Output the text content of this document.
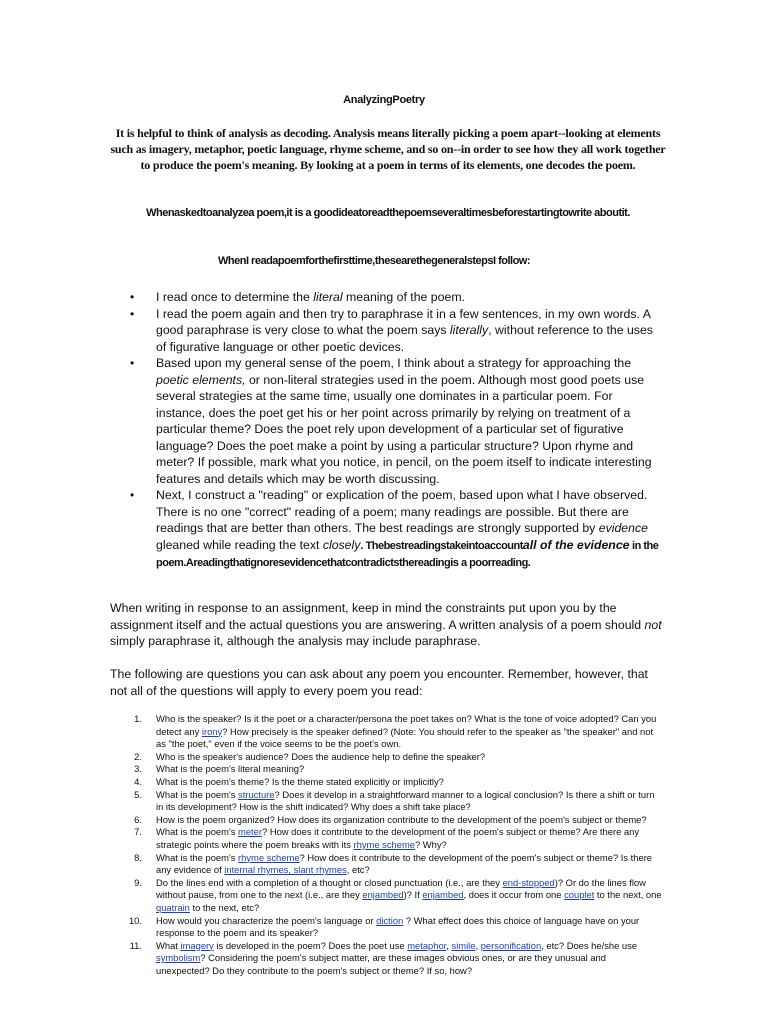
AnalyzingPoetry
It is helpful to think of analysis as decoding. Analysis means literally picking a poem apart--looking at elements such as imagery, metaphor, poetic language, rhyme scheme, and so on--in order to see how they all work together to produce the poem's meaning. By looking at a poem in terms of its elements, one decodes the poem.
Whenaskedtoanalyzea poem,it is a goodideatoreadthepoemseveraltimesbeforestartingtowrite aboutit.
WhenI readapoemforthefirsttime,thesearethegeneralstepsI follow:
• I read once to determine the literal meaning of the poem.
• I read the poem again and then try to paraphrase it in a few sentences, in my own words. A good paraphrase is very close to what the poem says literally, without reference to the uses of figurative language or other poetic devices.
• Based upon my general sense of the poem, I think about a strategy for approaching the poetic elements, or non-literal strategies used in the poem. Although most good poets use several strategies at the same time, usually one dominates in a particular poem. For instance, does the poet get his or her point across primarily by relying on treatment of a particular theme? Does the poet rely upon development of a particular set of figurative language? Does the poet make a point by using a particular structure? Upon rhyme and meter? If possible, mark what you notice, in pencil, on the poem itself to indicate interesting features and details which may be worth discussing.
• Next, I construct a "reading" or explication of the poem, based upon what I have observed. There is no one "correct" reading of a poem; many readings are possible. But there are readings that are better than others. The best readings are strongly supported by evidence gleaned while reading the text closely. Thebestreadingstakeintoaccountall of the evidence in the poem.Areadingthatignoresevidencethatcontradictsthereadingis a poorreading.

When writing in response to an assignment, keep in mind the constraints put upon you by the assignment itself and the actual questions you are answering. A written analysis of a poem should not simply paraphrase it, although the analysis may include paraphrase.

The following are questions you can ask about any poem you encounter. Remember, however, that not all of the questions will apply to every poem you read:

1. Who is the speaker? Is it the poet or a character/persona the poet takes on? What is the tone of voice adopted? Can you detect any irony? How precisely is the speaker defined? (Note: You should refer to the speaker as "the speaker" and not as "the poet," even if the voice seems to be the poet's own.
2. Who is the speaker's audience? Does the audience help to define the speaker?
3. What is the poem's literal meaning?
4. What is the poem's theme? Is the theme stated explicitly or implicitly?
5. What is the poem's structure? Does it develop in a straightforward manner to a logical conclusion? Is there a shift or turn in its development? How is the shift indicated? Why does a shift take place?
6. How is the poem organized? How does its organization contribute to the development of the poem's subject or theme?
7. What is the poem's meter? How does it contribute to the development of the poem's subject or theme? Are there any strategic points where the poem breaks with its rhyme scheme? Why?
8. What is the poem's rhyme scheme? How does it contribute to the development of the poem's subject or theme? Is there any evidence of internal rhymes, slant rhymes, etc?
9. Do the lines end with a completion of a thought or closed punctuation (i.e., are they end-stopped)? Or do the lines flow without pause, from one to the next (i.e., are they enjambed)? If enjambed, does it occur from one couplet to the next, one quatrain to the next, etc?
10. How would you characterize the poem's language or diction ? What effect does this choice of language have on your response to the poem and its speaker?
11. What imagery is developed in the poem? Does the poet use metaphor, simile, personification, etc? Does he/she use symbolism? Considering the poem's subject matter, are these images obvious ones, or are they unusual and unexpected? Do they contribute to the poem's subject or theme? If so, how?
